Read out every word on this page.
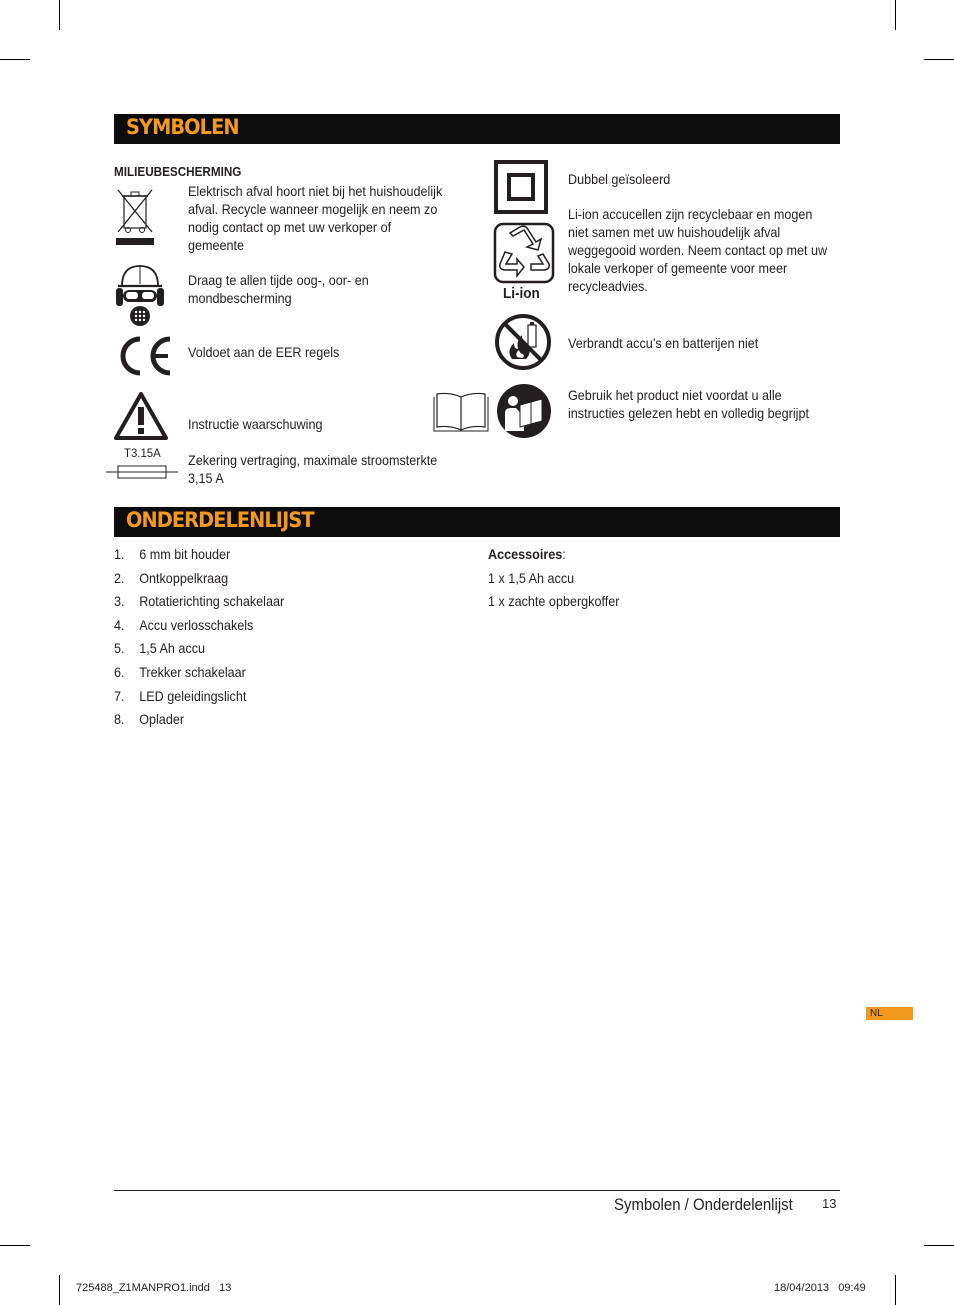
SYMBOLEN
MILIEUBESCHERMING
T3.15A
Elektrisch afval hoort niet bij het huishoudelijk afval. Recycle wanneer mogelijk en neem zo nodig contact op met uw verkoper of gemeente
Draag te allen tijde oog-, oor- en mondbescherming
Voldoet aan de EER regels
Instructie waarschuwing
Zekering vertraging, maximale stroomsterkte 3,15 A
Li-ion
Dubbel geïsoleerd
Li-ion accucellen zijn recyclebaar en mogen niet samen met uw huishoudelijk afval weggegooid worden. Neem contact op met uw lokale verkoper of gemeente voor meer recycleadvies.
Verbrandt accu’s en batterijen niet
Gebruik het product niet voordat u alle instructies gelezen hebt en volledig begrijpt
ONDERDELENLIJST
1. 6 mm bit houder
2. Ontkoppelkraag
3. Rotatierichting schakelaar
4. Accu verlosschakels
5. 1,5 Ah accu
6. Trekker schakelaar
7. LED geleidingslicht
8. Oplader
Accessoires:
1 x 1,5 Ah accu
1 x zachte opbergkoffer
NL
Symbolen / Onderdelenlijst 13
725488_Z1MANPRO1.indd   13	18/04/2013   09:49
